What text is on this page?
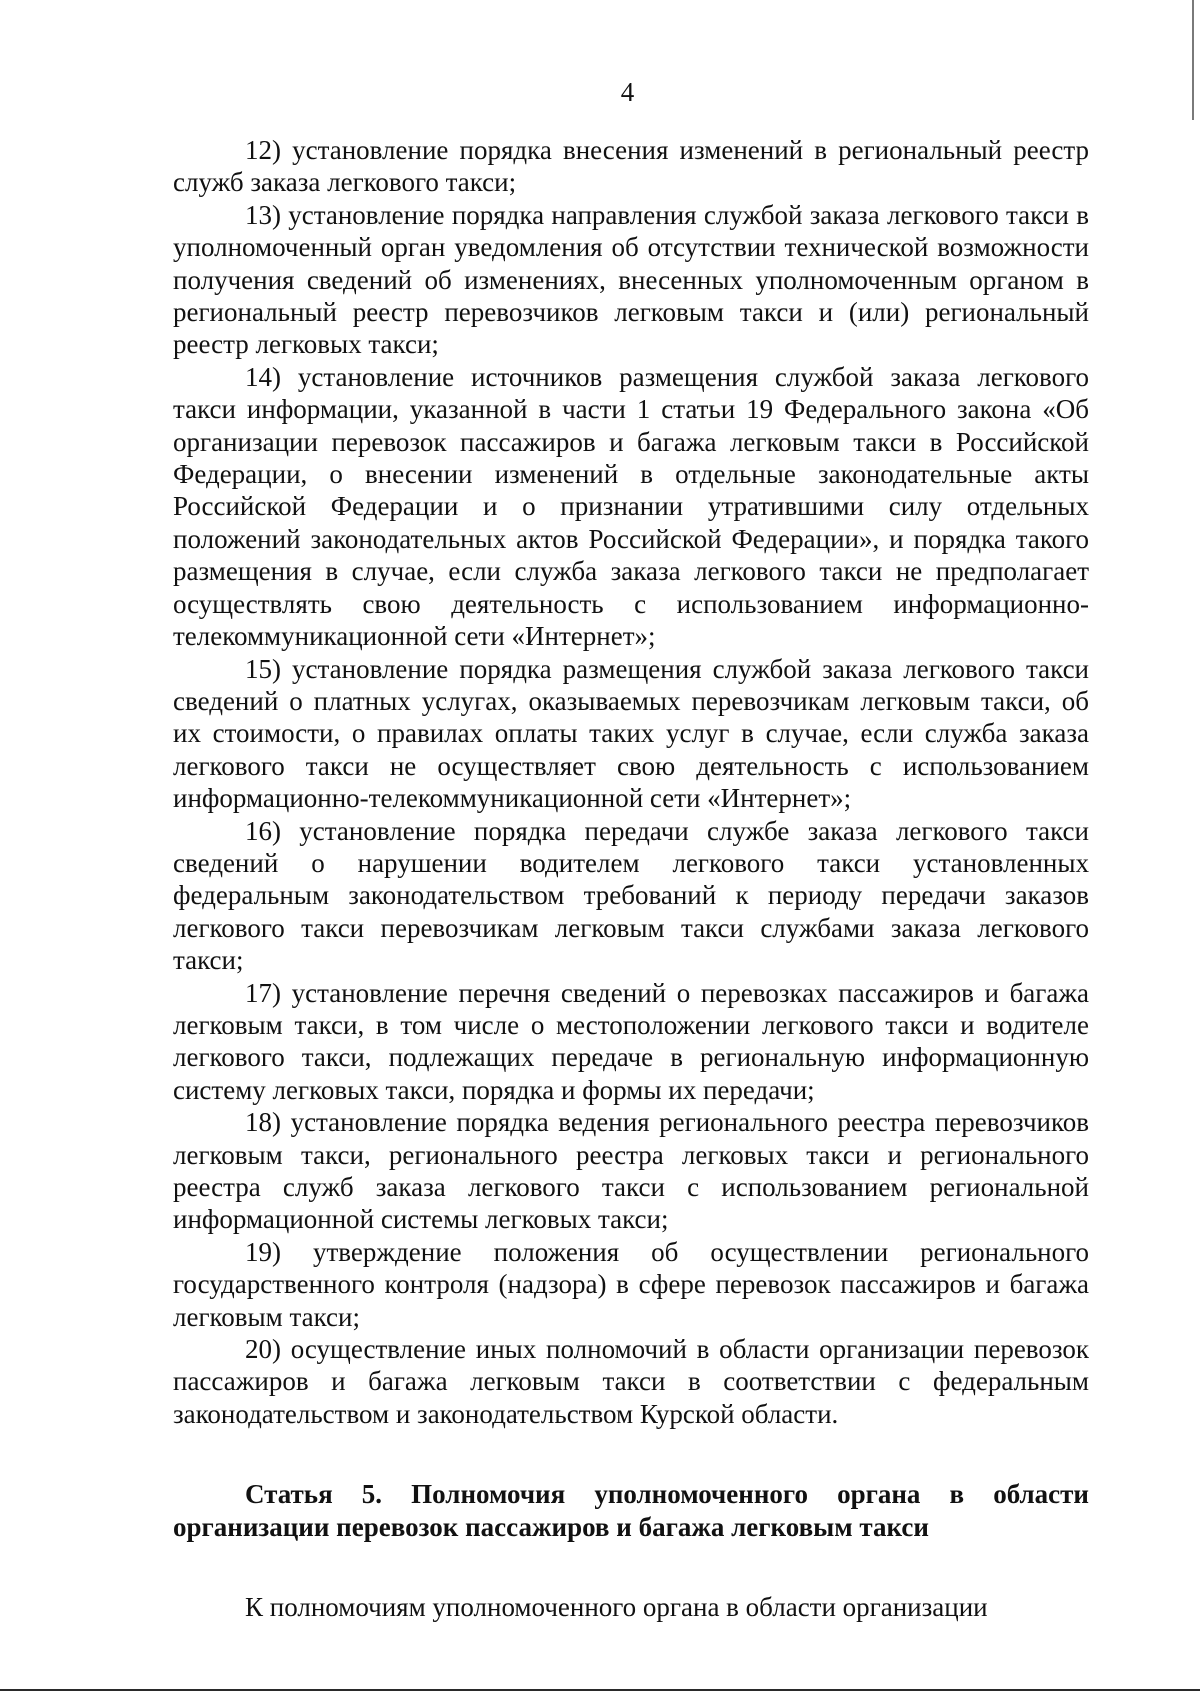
4

12) установление порядка внесения изменений в региональный реестр служб заказа легкового такси;

13) установление порядка направления службой заказа легкового такси в уполномоченный орган уведомления об отсутствии технической возможности получения сведений об изменениях, внесенных уполномоченным органом в региональный реестр перевозчиков легковым такси и (или) региональный реестр легковых такси;

14) установление источников размещения службой заказа легкового такси информации, указанной в части 1 статьи 19 Федерального закона «Об организации перевозок пассажиров и багажа легковым такси в Российской Федерации, о внесении изменений в отдельные законодательные акты Российской Федерации и о признании утратившими силу отдельных положений законодательных актов Российской Федерации», и порядка такого размещения в случае, если служба заказа легкового такси не предполагает осуществлять свою деятельность с использованием информационно-телекоммуникационной сети «Интернет»;

15) установление порядка размещения службой заказа легкового такси сведений о платных услугах, оказываемых перевозчикам легковым такси, об их стоимости, о правилах оплаты таких услуг в случае, если служба заказа легкового такси не осуществляет свою деятельность с использованием информационно-телекоммуникационной сети «Интернет»;

16) установление порядка передачи службе заказа легкового такси сведений о нарушении водителем легкового такси установленных федеральным законодательством требований к периоду передачи заказов легкового такси перевозчикам легковым такси службами заказа легкового такси;

17) установление перечня сведений о перевозках пассажиров и багажа легковым такси, в том числе о местоположении легкового такси и водителе легкового такси, подлежащих передаче в региональную информационную систему легковых такси, порядка и формы их передачи;

18) установление порядка ведения регионального реестра перевозчиков легковым такси, регионального реестра легковых такси и регионального реестра служб заказа легкового такси с использованием региональной информационной системы легковых такси;

19) утверждение положения об осуществлении регионального государственного контроля (надзора) в сфере перевозок пассажиров и багажа легковым такси;

20) осуществление иных полномочий в области организации перевозок пассажиров и багажа легковым такси в соответствии с федеральным законодательством и законодательством Курской области.

Статья 5. Полномочия уполномоченного органа в области организации перевозок пассажиров и багажа легковым такси

К полномочиям уполномоченного органа в области организации
